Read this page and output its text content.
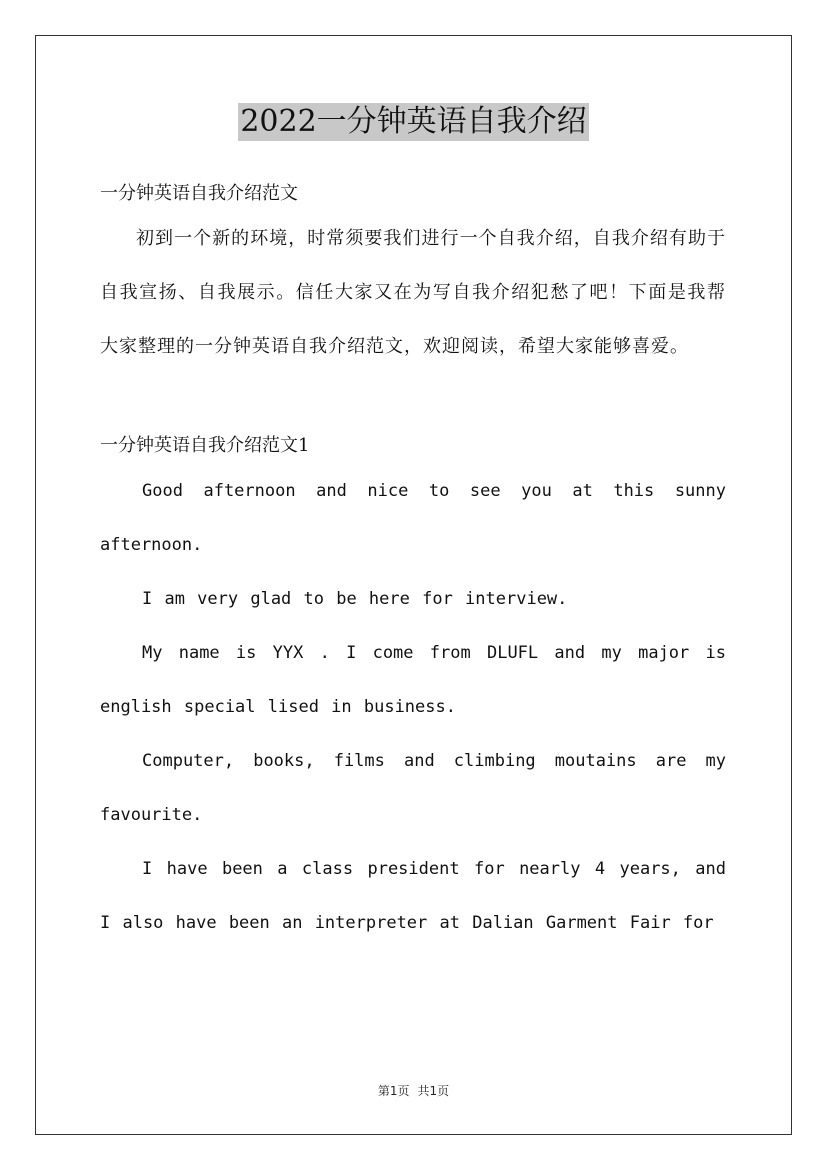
2022一分钟英语自我介绍

一分钟英语自我介绍范文

初到一个新的环境，时常须要我们进行一个自我介绍，自我介绍有助于自我宣扬、自我展示。信任大家又在为写自我介绍犯愁了吧！下面是我帮大家整理的一分钟英语自我介绍范文，欢迎阅读，希望大家能够喜爱。

一分钟英语自我介绍范文1

Good afternoon and nice to see you at this sunny afternoon.

I am very glad to be here for interview.

My name is YYX . I come from DLUFL and my major is english special lised in business.

Computer, books, films and climbing moutains are my favourite.

I have been a class president for nearly 4 years, and I also have been an interpreter at Dalian Garment Fair for

第1页 共1页
